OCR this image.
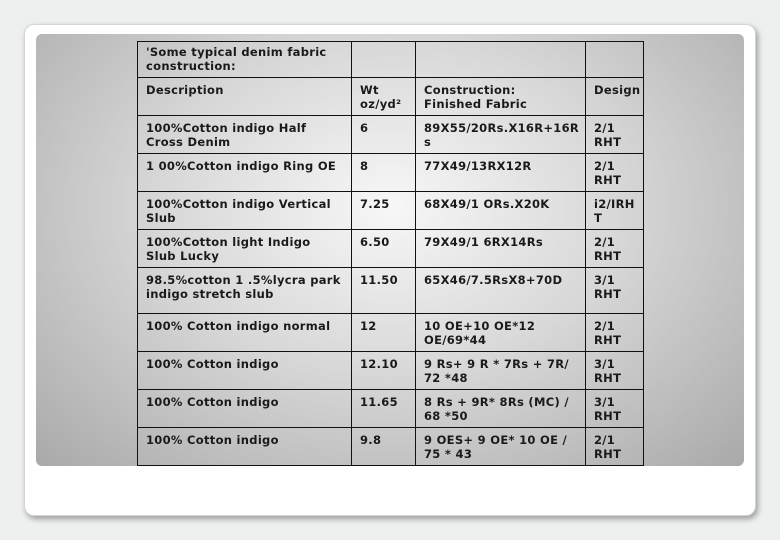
'Some typical denim fabric construction:			
Description	Wt oz/yd²	Construction: Finished Fabric	Design
100%Cotton indigo Half Cross Denim	6	89X55/20Rs.X16R+16R s	2/1 RHT
1 00%Cotton indigo Ring OE	8	77X49/13RX12R	2/1 RHT
100%Cotton indigo Vertical Slub	7.25	68X49/1 ORs.X20K	i2/IRH T
100%Cotton light Indigo Slub Lucky	6.50	79X49/1 6RX14Rs	2/1 RHT
98.5%cotton 1 .5%lycra park indigo stretch slub	11.50	65X46/7.5RsX8+70D	3/1 RHT
100% Cotton indigo normal	12	10 OE+10 OE*12 OE/69*44	2/1 RHT
100% Cotton indigo	12.10	9 Rs+ 9 R * 7Rs + 7R/ 72 *48	3/1 RHT
100% Cotton indigo	11.65	8 Rs + 9R* 8Rs (MC) / 68 *50	3/1 RHT
100% Cotton indigo	9.8	9 OES+ 9 OE* 10 OE / 75 * 43	2/1 RHT
